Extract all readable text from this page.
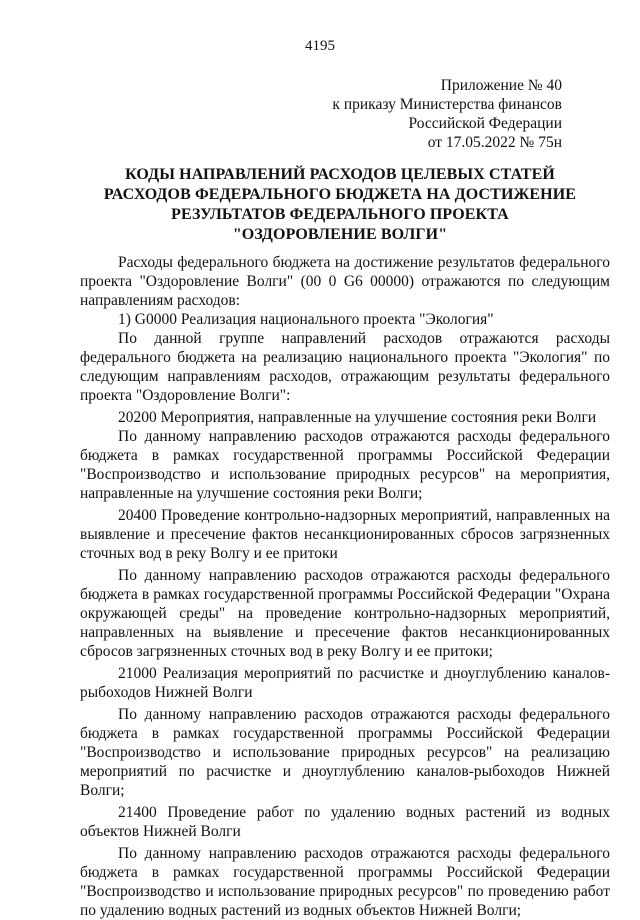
4195
Приложение № 40
к приказу Министерства финансов
Российской Федерации
от 17.05.2022 № 75н
КОДЫ НАПРАВЛЕНИЙ РАСХОДОВ ЦЕЛЕВЫХ СТАТЕЙ
РАСХОДОВ ФЕДЕРАЛЬНОГО БЮДЖЕТА НА ДОСТИЖЕНИЕ
РЕЗУЛЬТАТОВ ФЕДЕРАЛЬНОГО ПРОЕКТА
"ОЗДОРОВЛЕНИЕ ВОЛГИ"

Расходы федерального бюджета на достижение результатов федерального проекта "Оздоровление Волги" (00 0 G6 00000) отражаются по следующим направлениям расходов:

1) G0000 Реализация национального проекта "Экология"

По данной группе направлений расходов отражаются расходы федерального бюджета на реализацию национального проекта "Экология" по следующим направлениям расходов, отражающим результаты федерального проекта "Оздоровление Волги":

20200 Мероприятия, направленные на улучшение состояния реки Волги

По данному направлению расходов отражаются расходы федерального бюджета в рамках государственной программы Российской Федерации "Воспроизводство и использование природных ресурсов" на мероприятия, направленные на улучшение состояния реки Волги;

20400 Проведение контрольно-надзорных мероприятий, направленных на выявление и пресечение фактов несанкционированных сбросов загрязненных сточных вод в реку Волгу и ее притоки

По данному направлению расходов отражаются расходы федерального бюджета в рамках государственной программы Российской Федерации "Охрана окружающей среды" на проведение контрольно-надзорных мероприятий, направленных на выявление и пресечение фактов несанкционированных сбросов загрязненных сточных вод в реку Волгу и ее притоки;

21000 Реализация мероприятий по расчистке и дноуглублению каналов-рыбоходов Нижней Волги

По данному направлению расходов отражаются расходы федерального бюджета в рамках государственной программы Российской Федерации "Воспроизводство и использование природных ресурсов" на реализацию мероприятий по расчистке и дноуглублению каналов-рыбоходов Нижней Волги;

21400 Проведение работ по удалению водных растений из водных объектов Нижней Волги

По данному направлению расходов отражаются расходы федерального бюджета в рамках государственной программы Российской Федерации "Воспроизводство и использование природных ресурсов" по проведению работ по удалению водных растений из водных объектов Нижней Волги;
